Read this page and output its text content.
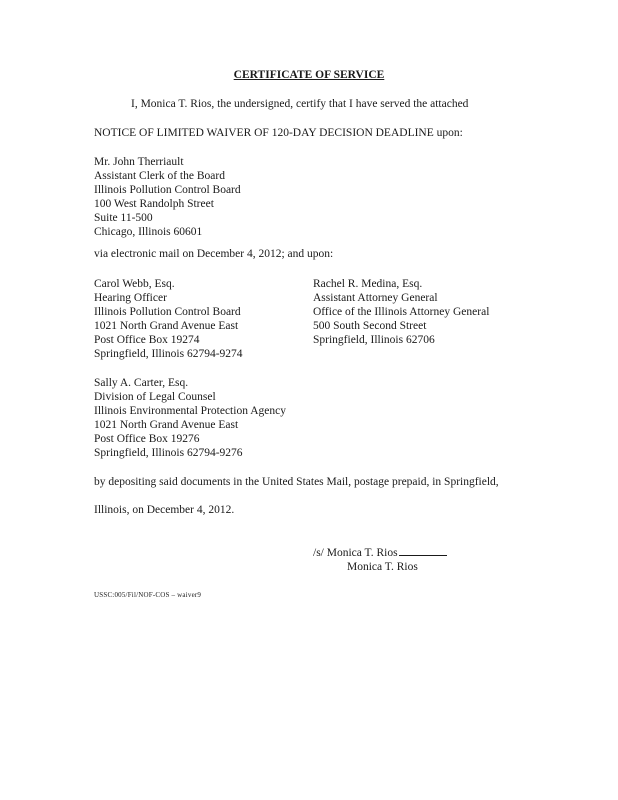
CERTIFICATE OF SERVICE
I, Monica T. Rios, the undersigned, certify that I have served the attached
NOTICE OF LIMITED WAIVER OF 120-DAY DECISION DEADLINE upon:
Mr. John Therriault
Assistant Clerk of the Board
Illinois Pollution Control Board
100 West Randolph Street
Suite 11-500
Chicago, Illinois 60601
via electronic mail on December 4, 2012; and upon:
Carol Webb, Esq.
Hearing Officer
Illinois Pollution Control Board
1021 North Grand Avenue East
Post Office Box 19274
Springfield, Illinois 62794-9274
Rachel R. Medina, Esq.
Assistant Attorney General
Office of the Illinois Attorney General
500 South Second Street
Springfield, Illinois 62706
Sally A. Carter, Esq.
Division of Legal Counsel
Illinois Environmental Protection Agency
1021 North Grand Avenue East
Post Office Box 19276
Springfield, Illinois 62794-9276
by depositing said documents in the United States Mail, postage prepaid, in Springfield,
Illinois, on December 4, 2012.
/s/ Monica T. Rios
Monica T. Rios
USSC:005/Fil/NOF-COS – waiver9
